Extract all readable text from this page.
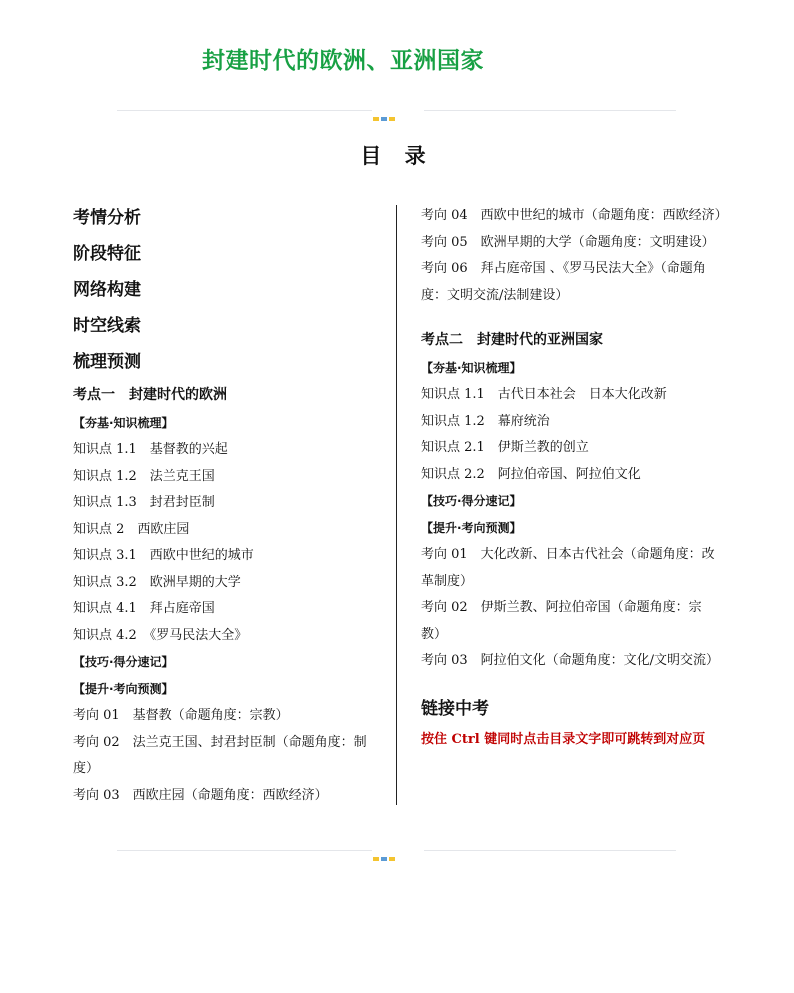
封建时代的欧洲、亚洲国家
目 录
考情分析
阶段特征
网络构建
时空线索
梳理预测
考点一　封建时代的欧洲
【夯基·知识梳理】
知识点 1.1　基督教的兴起
知识点 1.2　法兰克王国
知识点 1.3　封君封臣制
知识点 2　西欧庄园
知识点 3.1　西欧中世纪的城市
知识点 3.2　欧洲早期的大学
知识点 4.1　拜占庭帝国
知识点 4.2　《罗马民法大全》
【技巧·得分速记】
【提升·考向预测】
考向 01　基督教（命题角度：宗教）
考向 02　法兰克王国、封君封臣制（命题角度：制度）
考向 03　西欧庄园（命题角度：西欧经济）
考向 04　西欧中世纪的城市（命题角度：西欧经济）
考向 05　欧洲早期的大学（命题角度：文明建设）
考向 06　拜占庭帝国 、《罗马民法大全》（命题角度：文明交流/法制建设）
考点二　封建时代的亚洲国家
【夯基·知识梳理】
知识点 1.1　古代日本社会　日本大化改新
知识点 1.2　幕府统治
知识点 2.1　伊斯兰教的创立
知识点 2.2　阿拉伯帝国、阿拉伯文化
【技巧·得分速记】
【提升·考向预测】
考向 01　大化改新、日本古代社会（命题角度：改革制度）
考向 02　伊斯兰教、阿拉伯帝国（命题角度：宗教）
考向 03　阿拉伯文化（命题角度：文化/文明交流）
链接中考
按住 Ctrl 键同时点击目录文字即可跳转到对应页
